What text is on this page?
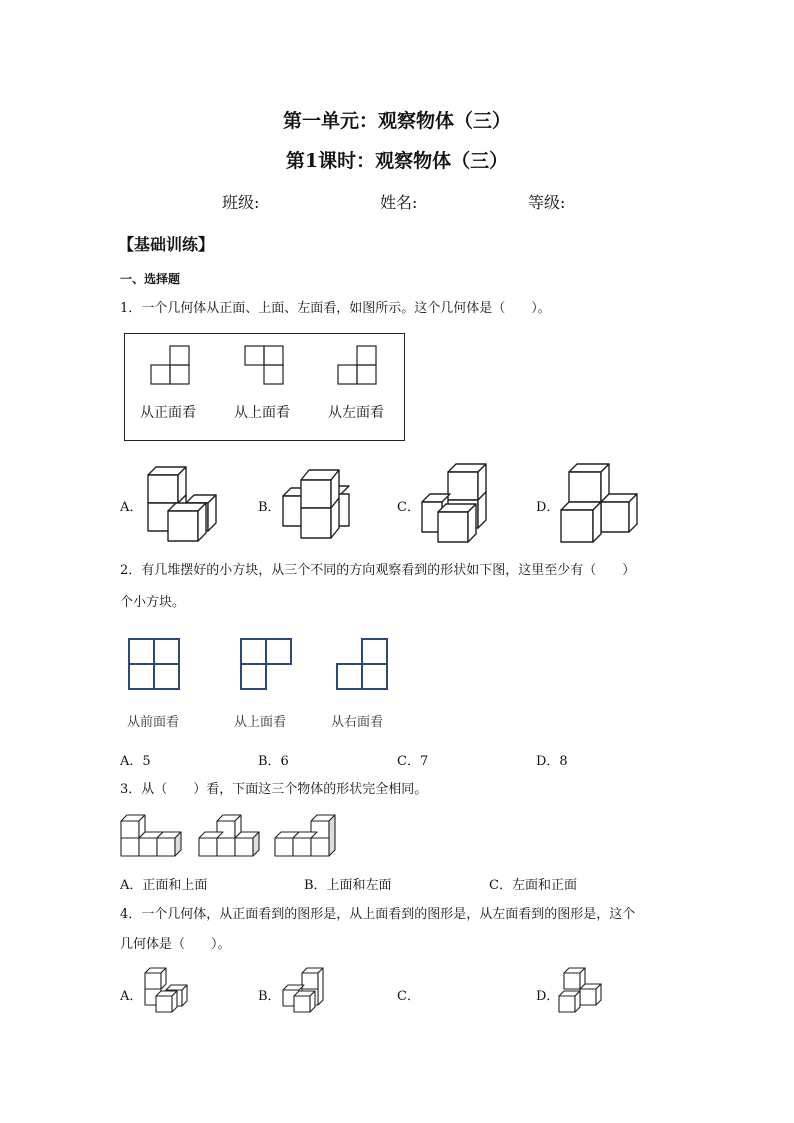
第一单元：观察物体（三）
第1课时：观察物体（三）
班级:	姓名:	等级:
【基础训练】
一、选择题
1．一个几何体从正面、上面、左面看，如图所示。这个几何体是（　　）。
从正面看	从上面看	从左面看
A．	B．	C．	D．
2．有几堆摆好的小方块，从三个不同的方向观察看到的形状如下图，这里至少有（　　）
个小方块。
从前面看	从上面看	从右面看
A．5	B．6	C．7	D．8
3．从（　　）看，下面这三个物体的形状完全相同。
A．正面和上面	B．上面和左面	C．左面和正面
4．一个几何体，从正面看到的图形是，从上面看到的图形是，从左面看到的图形是，这个
几何体是（　　）。
A．	B．	C．	D．
